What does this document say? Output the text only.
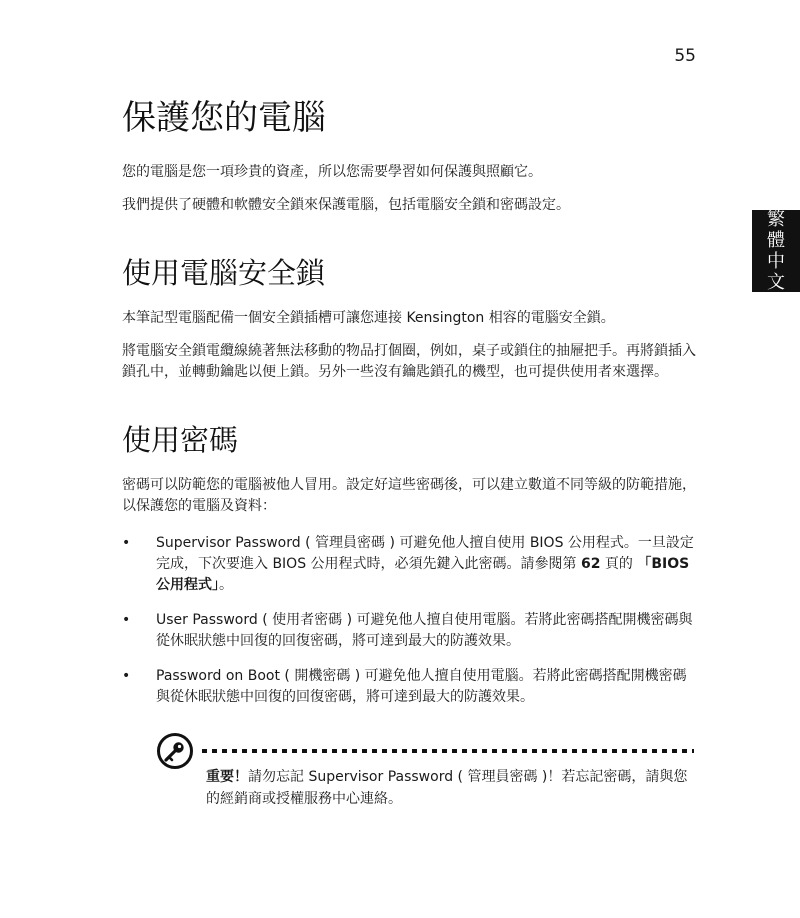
55
繁
體
中
文
保護您的電腦

您的電腦是您一項珍貴的資產，所以您需要學習如何保護與照顧它。

我們提供了硬體和軟體安全鎖來保護電腦，包括電腦安全鎖和密碼設定。

使用電腦安全鎖

本筆記型電腦配備一個安全鎖插槽可讓您連接 Kensington 相容的電腦安全鎖。

將電腦安全鎖電纜線繞著無法移動的物品打個圈，例如，桌子或鎖住的抽屜把手。再將鎖插入鎖孔中，並轉動鑰匙以便上鎖。另外一些沒有鑰匙鎖孔的機型，也可提供使用者來選擇。

使用密碼

密碼可以防範您的電腦被他人冒用。設定好這些密碼後，可以建立數道不同等級的防範措施，以保護您的電腦及資料：

• Supervisor Password ( 管理員密碼 ) 可避免他人擅自使用 BIOS 公用程式。一旦設定完成，下次要進入 BIOS 公用程式時，必須先鍵入此密碼。請參閱第 62 頁的 「BIOS 公用程式」。
• User Password ( 使用者密碼 ) 可避免他人擅自使用電腦。若將此密碼搭配開機密碼與從休眠狀態中回復的回復密碼，將可達到最大的防護效果。
• Password on Boot ( 開機密碼 ) 可避免他人擅自使用電腦。若將此密碼搭配開機密碼與從休眠狀態中回復的回復密碼，將可達到最大的防護效果。
重要！請勿忘記 Supervisor Password ( 管理員密碼 )！若忘記密碼，請與您的經銷商或授權服務中心連絡。
